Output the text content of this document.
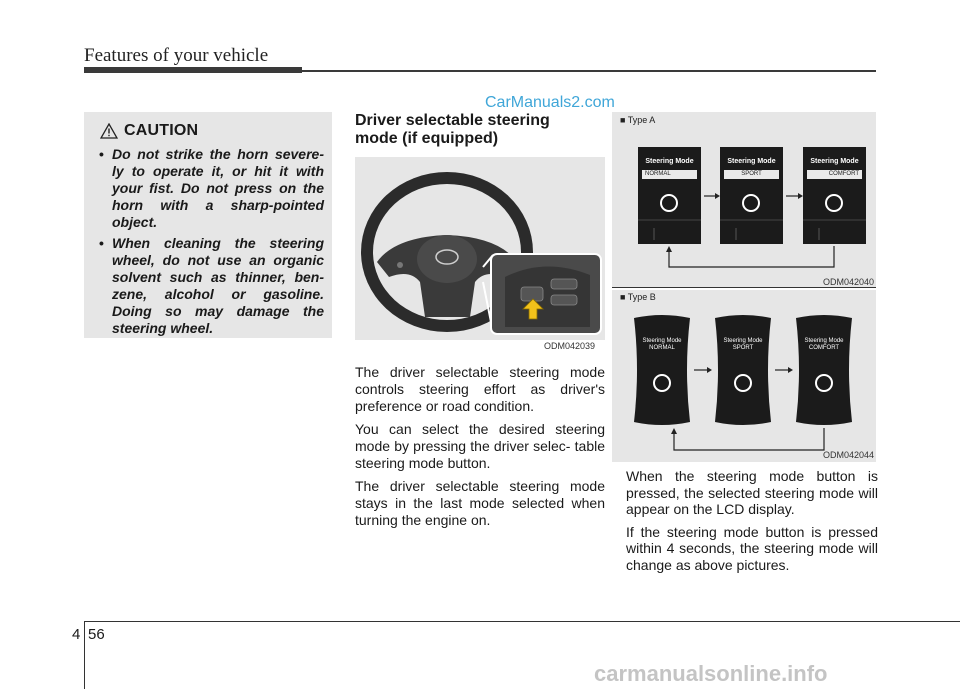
Features of your vehicle
CarManuals2.com
CAUTION
• Do not strike the horn severe- ly to operate it, or hit it with your fist. Do not press on the horn with a sharp-pointed object.
• When cleaning the steering wheel, do not use an organic solvent such as thinner, ben- zene, alcohol or gasoline. Doing so may damage the steering wheel.
Driver selectable steering mode (if equipped)
ODM042039

The driver selectable steering mode controls steering effort as driver's preference or road condition.

You can select the desired steering mode by pressing the driver selec- table steering mode button.

The driver selectable steering mode stays in the last mode selected when turning the engine on.

■ Type A
Steering Mode	Steering Mode	Steering Mode
NORMAL	SPORT	COMFORT
ODM042040
■ Type B
Steering Mode
NORMAL
Steering Mode
SPORT
Steering Mode
COMFORT
ODM042044

When the steering mode button is pressed, the selected steering mode will appear on the LCD display.

If the steering mode button is pressed within 4 seconds, the steering mode will change as above pictures.

4 56
carmanualsonline.info
